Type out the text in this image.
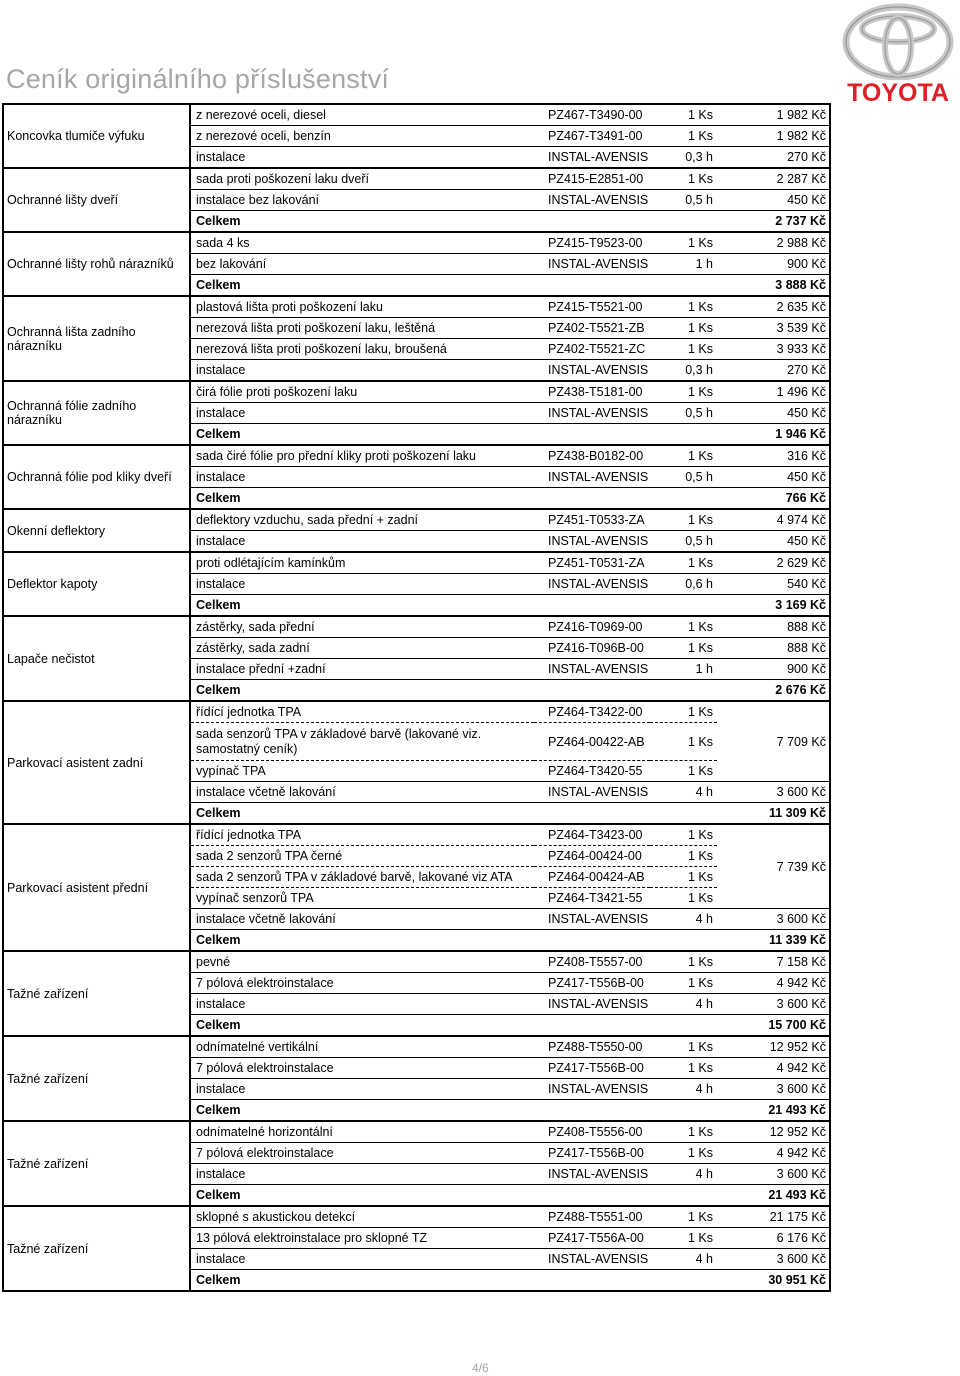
Ceník originálního příslušenství	TOYOTA
Koncovka tlumiče výfuku	z nerezové oceli, diesel	PZ467-T3490-00	1 Ks	1 982 Kč
	z nerezové oceli, benzín	PZ467-T3491-00	1 Ks	1 982 Kč
	instalace	INSTAL-AVENSIS	0,3 h	270 Kč
Ochranné lišty dveří	sada proti poškození laku dveří	PZ415-E2851-00	1 Ks	2 287 Kč
	instalace bez lakování	INSTAL-AVENSIS	0,5 h	450 Kč
	Celkem			2 737 Kč
Ochranné lišty rohů nárazníků	sada 4 ks	PZ415-T9523-00	1 Ks	2 988 Kč
	bez lakování	INSTAL-AVENSIS	1 h	900 Kč
	Celkem			3 888 Kč
Ochranná lišta zadního nárazníku	plastová lišta proti poškození laku	PZ415-T5521-00	1 Ks	2 635 Kč
	nerezová lišta proti poškození laku, leštěná	PZ402-T5521-ZB	1 Ks	3 539 Kč
	nerezová lišta proti poškození laku, broušená	PZ402-T5521-ZC	1 Ks	3 933 Kč
	instalace	INSTAL-AVENSIS	0,3 h	270 Kč
Ochranná fólie zadního nárazníku	čirá fólie proti poškození laku	PZ438-T5181-00	1 Ks	1 496 Kč
	instalace	INSTAL-AVENSIS	0,5 h	450 Kč
	Celkem			1 946 Kč
Ochranná fólie pod kliky dveří	sada čiré fólie pro přední kliky proti poškození laku	PZ438-B0182-00	1 Ks	316 Kč
	instalace	INSTAL-AVENSIS	0,5 h	450 Kč
	Celkem			766 Kč
Okenní deflektory	deflektory vzduchu, sada přední + zadní	PZ451-T0533-ZA	1 Ks	4 974 Kč
	instalace	INSTAL-AVENSIS	0,5 h	450 Kč
Deflektor kapoty	proti odlétajícím kamínkům	PZ451-T0531-ZA	1 Ks	2 629 Kč
	instalace	INSTAL-AVENSIS	0,6 h	540 Kč
	Celkem			3 169 Kč
Lapače nečistot	zástěrky, sada přední	PZ416-T0969-00	1 Ks	888 Kč
	zástěrky, sada zadní	PZ416-T096B-00	1 Ks	888 Kč
	instalace přední +zadní	INSTAL-AVENSIS	1 h	900 Kč
	Celkem			2 676 Kč
Parkovací asistent zadní	řídící jednotka TPA	PZ464-T3422-00	1 Ks	7 709 Kč
	sada senzorů TPA v základové barvě (lakované viz. samostatný ceník)	PZ464-00422-AB	1 Ks	
	vypínač TPA	PZ464-T3420-55	1 Ks	
	instalace včetně lakování	INSTAL-AVENSIS	4 h	3 600 Kč
	Celkem			11 309 Kč
Parkovací asistent přední	řídící jednotka TPA	PZ464-T3423-00	1 Ks	7 739 Kč
	sada 2 senzorů TPA černé	PZ464-00424-00	1 Ks	
	sada 2 senzorů TPA v základové barvě, lakované viz ATA	PZ464-00424-AB	1 Ks	
	vypínač senzorů TPA	PZ464-T3421-55	1 Ks	
	instalace včetně lakování	INSTAL-AVENSIS	4 h	3 600 Kč
	Celkem			11 339 Kč
Tažné zařízení	pevné	PZ408-T5557-00	1 Ks	7 158 Kč
	7 pólová elektroinstalace	PZ417-T556B-00	1 Ks	4 942 Kč
	instalace	INSTAL-AVENSIS	4 h	3 600 Kč
	Celkem			15 700 Kč
Tažné zařízení	odnímatelné vertikální	PZ488-T5550-00	1 Ks	12 952 Kč
	7 pólová elektroinstalace	PZ417-T556B-00	1 Ks	4 942 Kč
	instalace	INSTAL-AVENSIS	4 h	3 600 Kč
	Celkem			21 493 Kč
Tažné zařízení	odnímatelné horizontální	PZ408-T5556-00	1 Ks	12 952 Kč
	7 pólová elektroinstalace	PZ417-T556B-00	1 Ks	4 942 Kč
	instalace	INSTAL-AVENSIS	4 h	3 600 Kč
	Celkem			21 493 Kč
Tažné zařízení	sklopné s akustickou detekcí	PZ488-T5551-00	1 Ks	21 175 Kč
	13 pólová elektroinstalace pro sklopné TZ	PZ417-T556A-00	1 Ks	6 176 Kč
	instalace	INSTAL-AVENSIS	4 h	3 600 Kč
	Celkem			30 951 Kč
4/6
